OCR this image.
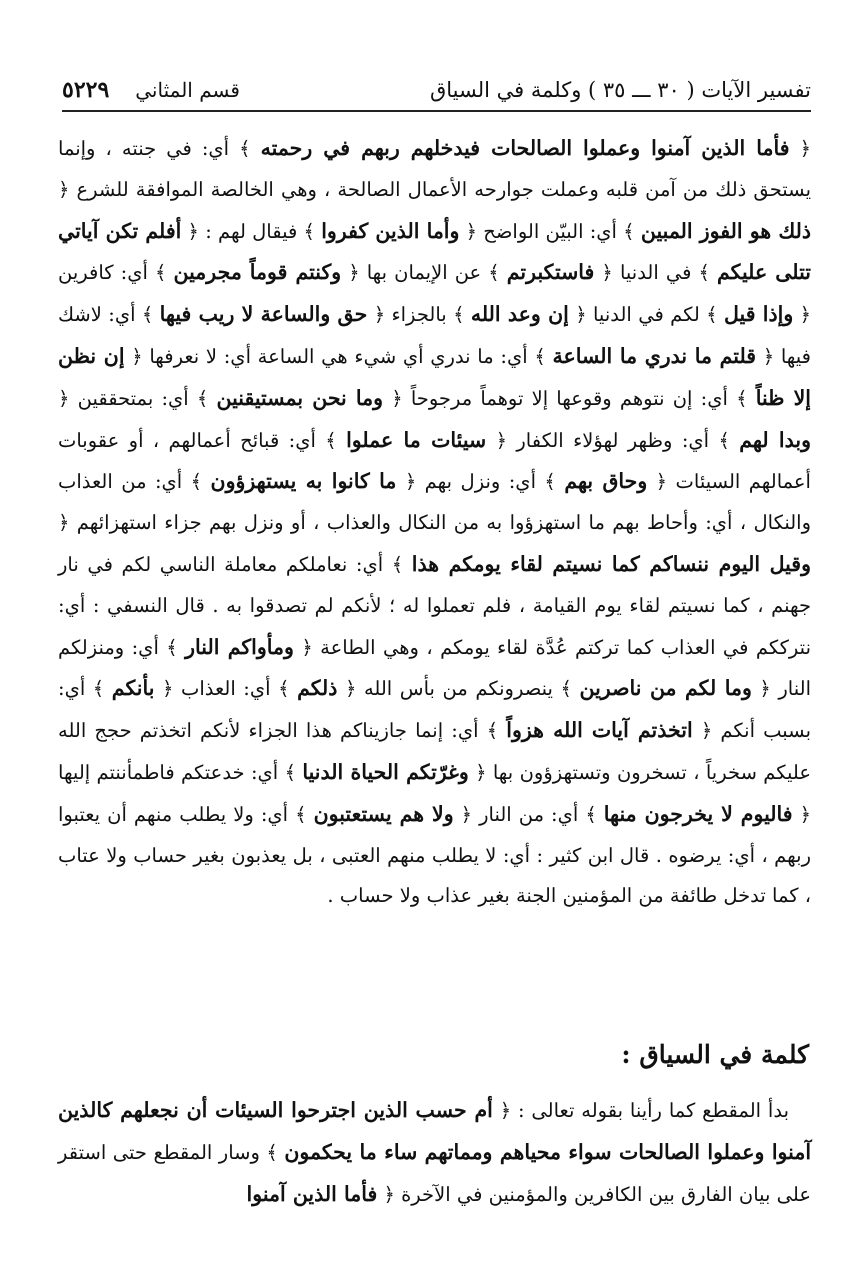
تفسير الآيات ( ٣٠ ـــ ٣٥ ) وكلمة في السياق
قسم المثاني
٥٢٢٩

﴿ فأما الذين آمنوا وعملوا الصالحات فيدخلهم ربهم في رحمته ﴾ أي: في جنته ، وإنما يستحق ذلك من آمن قلبه وعملت جوارحه الأعمال الصالحة ، وهي الخالصة الموافقة للشرع ﴿ ذلك هو الفوز المبين ﴾ أي: البيّن الواضح ﴿ وأما الذين كفروا ﴾ فيقال لهم : ﴿ أفلم تكن آياتي تتلى عليكم ﴾ في الدنيا ﴿ فاستكبرتم ﴾ عن الإيمان بها ﴿ وكنتم قوماً مجرمين ﴾ أي: كافرين ﴿ وإذا قيل ﴾ لكم في الدنيا ﴿ إن وعد الله ﴾ بالجزاء ﴿ حق والساعة لا ريب فيها ﴾ أي: لاشك فيها ﴿ قلتم ما ندري ما الساعة ﴾ أي: ما ندري أي شيء هي الساعة أي: لا نعرفها ﴿ إن نظن إلا ظناً ﴾ أي: إن نتوهم وقوعها إلا توهماً مرجوحاً ﴿ وما نحن بمستيقنين ﴾ أي: بمتحققين ﴿ وبدا لهم ﴾ أي: وظهر لهؤلاء الكفار ﴿ سيئات ما عملوا ﴾ أي: قبائح أعمالهم ، أو عقوبات أعمالهم السيئات ﴿ وحاق بهم ﴾ أي: ونزل بهم ﴿ ما كانوا به يستهزؤون ﴾ أي: من العذاب والنكال ، أي: وأحاط بهم ما استهزؤوا به من النكال والعذاب ، أو ونزل بهم جزاء استهزائهم ﴿ وقيل اليوم ننساكم كما نسيتم لقاء يومكم هذا ﴾ أي: نعاملكم معاملة الناسي لكم في نار جهنم ، كما نسيتم لقاء يوم القيامة ، فلم تعملوا له ؛ لأنكم لم تصدقوا به . قال النسفي : أي: نترككم في العذاب كما تركتم عُدَّة لقاء يومكم ، وهي الطاعة ﴿ ومأواكم النار ﴾ أي: ومنزلكم النار ﴿ وما لكم من ناصرين ﴾ ينصرونكم من بأس الله ﴿ ذلكم ﴾ أي: العذاب ﴿ بأنكم ﴾ أي: بسبب أنكم ﴿ اتخذتم آيات الله هزواً ﴾ أي: إنما جازيناكم هذا الجزاء لأنكم اتخذتم حجج الله عليكم سخرياً ، تسخرون وتستهزؤون بها ﴿ وغرّتكم الحياة الدنيا ﴾ أي: خدعتكم فاطمأننتم إليها ﴿ فاليوم لا يخرجون منها ﴾ أي: من النار ﴿ ولا هم يستعتبون ﴾ أي: ولا يطلب منهم أن يعتبوا ربهم ، أي: يرضوه . قال ابن كثير : أي: لا يطلب منهم العتبى ، بل يعذبون بغير حساب ولا عتاب ، كما تدخل طائفة من المؤمنين الجنة بغير عذاب ولا حساب .

كلمة في السياق :

بدأ المقطع كما رأينا بقوله تعالى : ﴿ أم حسب الذين اجترحوا السيئات أن نجعلهم كالذين آمنوا وعملوا الصالحات سواء محياهم ومماتهم ساء ما يحكمون ﴾ وسار المقطع حتى استقر على بيان الفارق بين الكافرين والمؤمنين في الآخرة ﴿ فأما الذين آمنوا
